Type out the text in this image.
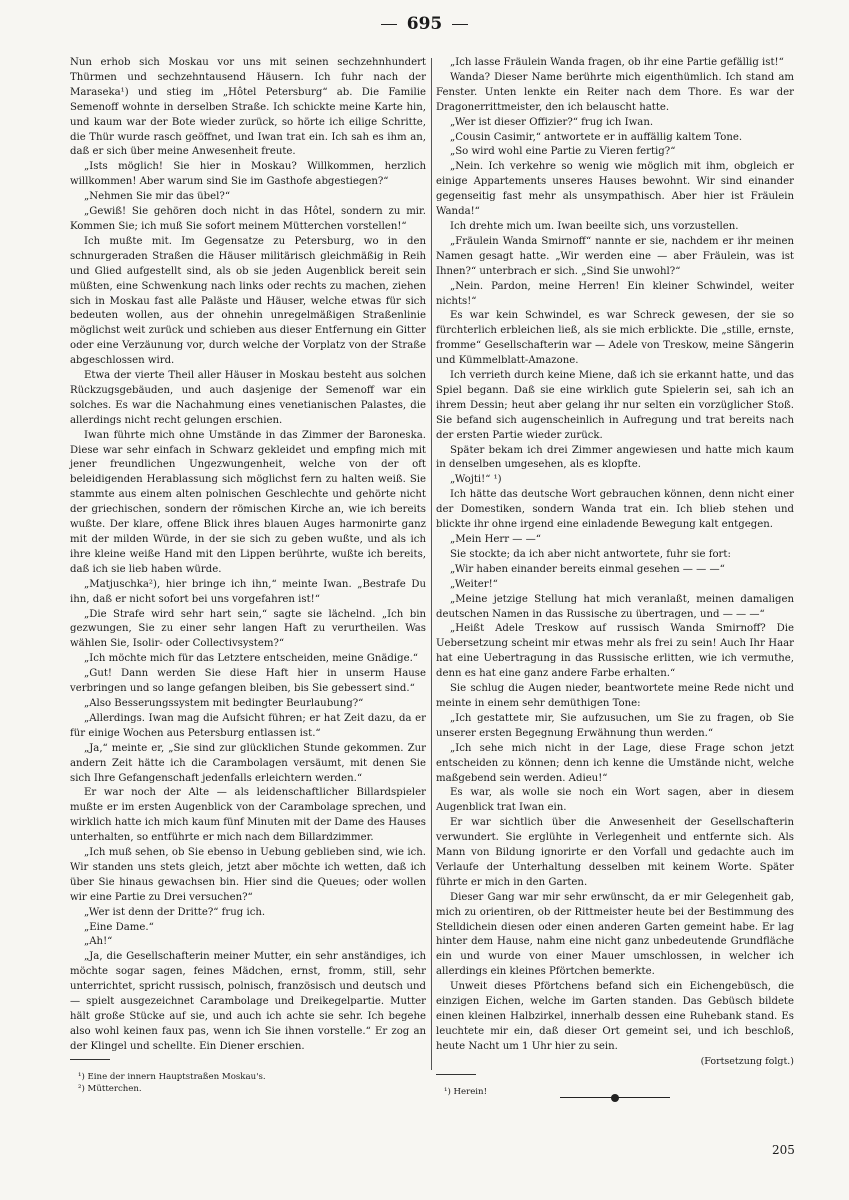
695

Nun erhob sich Moskau vor uns mit seinen sechzehnhundert Thürmen und sechzehntausend Häusern. Ich fuhr nach der Maraseka¹) und stieg im „Hôtel Petersburg“ ab. Die Familie Semenoff wohnte in derselben Straße. Ich schickte meine Karte hin, und kaum war der Bote wieder zurück, so hörte ich eilige Schritte, die Thür wurde rasch geöffnet, und Iwan trat ein. Ich sah es ihm an, daß er sich über meine Anwesenheit freute.

„Ists möglich! Sie hier in Moskau? Willkommen, herzlich willkommen! Aber warum sind Sie im Gasthofe abgestiegen?“

„Nehmen Sie mir das übel?“

„Gewiß! Sie gehören doch nicht in das Hôtel, sondern zu mir. Kommen Sie; ich muß Sie sofort meinem Mütterchen vorstellen!“

Ich mußte mit. Im Gegensatze zu Petersburg, wo in den schnurgeraden Straßen die Häuser militärisch gleichmäßig in Reih und Glied aufgestellt sind, als ob sie jeden Augenblick bereit sein müßten, eine Schwenkung nach links oder rechts zu machen, ziehen sich in Moskau fast alle Paläste und Häuser, welche etwas für sich bedeuten wollen, aus der ohnehin unregelmäßigen Straßenlinie möglichst weit zurück und schieben aus dieser Entfernung ein Gitter oder eine Verzäunung vor, durch welche der Vorplatz von der Straße abgeschlossen wird.

Etwa der vierte Theil aller Häuser in Moskau besteht aus solchen Rückzugsgebäuden, und auch dasjenige der Semenoff war ein solches. Es war die Nachahmung eines venetianischen Palastes, die allerdings nicht recht gelungen erschien.

Iwan führte mich ohne Umstände in das Zimmer der Baroneska. Diese war sehr einfach in Schwarz gekleidet und empfing mich mit jener freundlichen Ungezwungenheit, welche von der oft beleidigenden Herablassung sich möglichst fern zu halten weiß. Sie stammte aus einem alten polnischen Geschlechte und gehörte nicht der griechischen, sondern der römischen Kirche an, wie ich bereits wußte. Der klare, offene Blick ihres blauen Auges harmonirte ganz mit der milden Würde, in der sie sich zu geben wußte, und als ich ihre kleine weiße Hand mit den Lippen berührte, wußte ich bereits, daß ich sie lieb haben würde.

„Matjuschka²), hier bringe ich ihn,“ meinte Iwan. „Bestrafe Du ihn, daß er nicht sofort bei uns vorgefahren ist!“

„Die Strafe wird sehr hart sein,“ sagte sie lächelnd. „Ich bin gezwungen, Sie zu einer sehr langen Haft zu verurtheilen. Was wählen Sie, Isolir- oder Collectivsystem?“

„Ich möchte mich für das Letztere entscheiden, meine Gnädige.“

„Gut! Dann werden Sie diese Haft hier in unserm Hause verbringen und so lange gefangen bleiben, bis Sie gebessert sind.“

„Also Besserungssystem mit bedingter Beurlaubung?“

„Allerdings. Iwan mag die Aufsicht führen; er hat Zeit dazu, da er für einige Wochen aus Petersburg entlassen ist.“

„Ja,“ meinte er, „Sie sind zur glücklichen Stunde gekommen. Zur andern Zeit hätte ich die Carambolagen versäumt, mit denen Sie sich Ihre Gefangenschaft jedenfalls erleichtern werden.“

Er war noch der Alte — als leidenschaftlicher Billardspieler mußte er im ersten Augenblick von der Carambolage sprechen, und wirklich hatte ich mich kaum fünf Minuten mit der Dame des Hauses unterhalten, so entführte er mich nach dem Billardzimmer.

„Ich muß sehen, ob Sie ebenso in Uebung geblieben sind, wie ich. Wir standen uns stets gleich, jetzt aber möchte ich wetten, daß ich über Sie hinaus gewachsen bin. Hier sind die Queues; oder wollen wir eine Partie zu Drei versuchen?“

„Wer ist denn der Dritte?“ frug ich.

„Eine Dame.“

„Ah!“

„Ja, die Gesellschafterin meiner Mutter, ein sehr anständiges, ich möchte sogar sagen, feines Mädchen, ernst, fromm, still, sehr unterrichtet, spricht russisch, polnisch, französisch und deutsch und — spielt ausgezeichnet Carambolage und Dreikegelpartie. Mutter hält große Stücke auf sie, und auch ich achte sie sehr. Ich begehe also wohl keinen faux pas, wenn ich Sie ihnen vorstelle.“ Er zog an der Klingel und schellte. Ein Diener erschien.

¹) Eine der innern Hauptstraßen Moskau's.

²) Mütterchen.

„Ich lasse Fräulein Wanda fragen, ob ihr eine Partie gefällig ist!“

Wanda? Dieser Name berührte mich eigenthümlich. Ich stand am Fenster. Unten lenkte ein Reiter nach dem Thore. Es war der Dragonerrittmeister, den ich belauscht hatte.

„Wer ist dieser Offizier?“ frug ich Iwan.

„Cousin Casimir,“ antwortete er in auffällig kaltem Tone.

„So wird wohl eine Partie zu Vieren fertig?“

„Nein. Ich verkehre so wenig wie möglich mit ihm, obgleich er einige Appartements unseres Hauses bewohnt. Wir sind einander gegenseitig fast mehr als unsympathisch. Aber hier ist Fräulein Wanda!“

Ich drehte mich um. Iwan beeilte sich, uns vorzustellen.

„Fräulein Wanda Smirnoff“ nannte er sie, nachdem er ihr meinen Namen gesagt hatte. „Wir werden eine — aber Fräulein, was ist Ihnen?“ unterbrach er sich. „Sind Sie unwohl?“

„Nein. Pardon, meine Herren! Ein kleiner Schwindel, weiter nichts!“

Es war kein Schwindel, es war Schreck gewesen, der sie so fürchterlich erbleichen ließ, als sie mich erblickte. Die „stille, ernste, fromme“ Gesellschafterin war — Adele von Treskow, meine Sängerin und Kümmelblatt-Amazone.

Ich verrieth durch keine Miene, daß ich sie erkannt hatte, und das Spiel begann. Daß sie eine wirklich gute Spielerin sei, sah ich an ihrem Dessin; heut aber gelang ihr nur selten ein vorzüglicher Stoß. Sie befand sich augenscheinlich in Aufregung und trat bereits nach der ersten Partie wieder zurück.

Später bekam ich drei Zimmer angewiesen und hatte mich kaum in denselben umgesehen, als es klopfte.

„Wojti!“ ¹)

Ich hätte das deutsche Wort gebrauchen können, denn nicht einer der Domestiken, sondern Wanda trat ein. Ich blieb stehen und blickte ihr ohne irgend eine einladende Bewegung kalt entgegen.

„Mein Herr — —“

Sie stockte; da ich aber nicht antwortete, fuhr sie fort:

„Wir haben einander bereits einmal gesehen — — —“

„Weiter!“

„Meine jetzige Stellung hat mich veranlaßt, meinen damaligen deutschen Namen in das Russische zu übertragen, und — — —“

„Heißt Adele Treskow auf russisch Wanda Smirnoff? Die Uebersetzung scheint mir etwas mehr als frei zu sein! Auch Ihr Haar hat eine Uebertragung in das Russische erlitten, wie ich vermuthe, denn es hat eine ganz andere Farbe erhalten.“

Sie schlug die Augen nieder, beantwortete meine Rede nicht und meinte in einem sehr demüthigen Tone:

„Ich gestattete mir, Sie aufzusuchen, um Sie zu fragen, ob Sie unserer ersten Begegnung Erwähnung thun werden.“

„Ich sehe mich nicht in der Lage, diese Frage schon jetzt entscheiden zu können; denn ich kenne die Umstände nicht, welche maßgebend sein werden. Adieu!“

Es war, als wolle sie noch ein Wort sagen, aber in diesem Augenblick trat Iwan ein.

Er war sichtlich über die Anwesenheit der Gesellschafterin verwundert. Sie erglühte in Verlegenheit und entfernte sich. Als Mann von Bildung ignorirte er den Vorfall und gedachte auch im Verlaufe der Unterhaltung desselben mit keinem Worte. Später führte er mich in den Garten.

Dieser Gang war mir sehr erwünscht, da er mir Gelegenheit gab, mich zu orientiren, ob der Rittmeister heute bei der Bestimmung des Stelldichein diesen oder einen anderen Garten gemeint habe. Er lag hinter dem Hause, nahm eine nicht ganz unbedeutende Grundfläche ein und wurde von einer Mauer umschlossen, in welcher ich allerdings ein kleines Pförtchen bemerkte.

Unweit dieses Pförtchens befand sich ein Eichengebüsch, die einzigen Eichen, welche im Garten standen. Das Gebüsch bildete einen kleinen Halbzirkel, innerhalb dessen eine Ruhebank stand. Es leuchtete mir ein, daß dieser Ort gemeint sei, und ich beschloß, heute Nacht um 1 Uhr hier zu sein.

(Fortsetzung folgt.)

¹) Herein!

205
